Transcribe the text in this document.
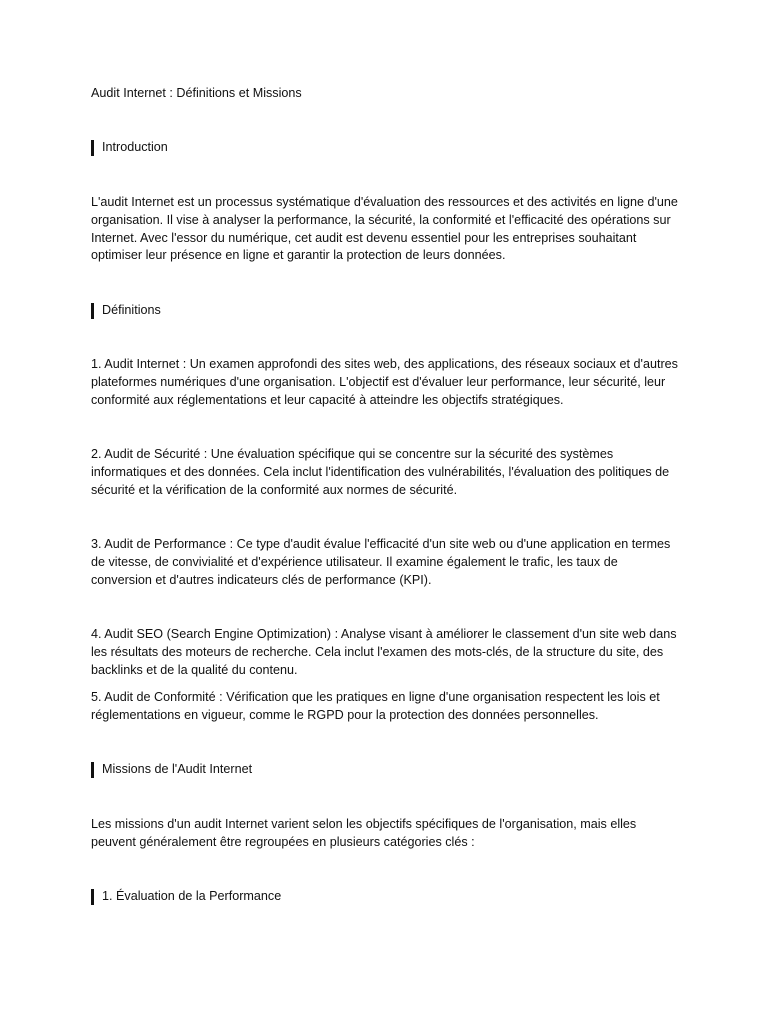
Audit Internet : Définitions et Missions

Introduction

L'audit Internet est un processus systématique d'évaluation des ressources et des activités en ligne d'une organisation. Il vise à analyser la performance, la sécurité, la conformité et l'efficacité des opérations sur Internet. Avec l'essor du numérique, cet audit est devenu essentiel pour les entreprises souhaitant optimiser leur présence en ligne et garantir la protection de leurs données.

Définitions

1. Audit Internet : Un examen approfondi des sites web, des applications, des réseaux sociaux et d'autres plateformes numériques d'une organisation. L'objectif est d'évaluer leur performance, leur sécurité, leur conformité aux réglementations et leur capacité à atteindre les objectifs stratégiques.

2. Audit de Sécurité : Une évaluation spécifique qui se concentre sur la sécurité des systèmes informatiques et des données. Cela inclut l'identification des vulnérabilités, l'évaluation des politiques de sécurité et la vérification de la conformité aux normes de sécurité.

3. Audit de Performance : Ce type d'audit évalue l'efficacité d'un site web ou d'une application en termes de vitesse, de convivialité et d'expérience utilisateur. Il examine également le trafic, les taux de conversion et d'autres indicateurs clés de performance (KPI).

4. Audit SEO (Search Engine Optimization) : Analyse visant à améliorer le classement d'un site web dans les résultats des moteurs de recherche. Cela inclut l'examen des mots-clés, de la structure du site, des backlinks et de la qualité du contenu.

5. Audit de Conformité : Vérification que les pratiques en ligne d'une organisation respectent les lois et réglementations en vigueur, comme le RGPD pour la protection des données personnelles.

Missions de l'Audit Internet

Les missions d'un audit Internet varient selon les objectifs spécifiques de l'organisation, mais elles peuvent généralement être regroupées en plusieurs catégories clés :

1. Évaluation de la Performance
